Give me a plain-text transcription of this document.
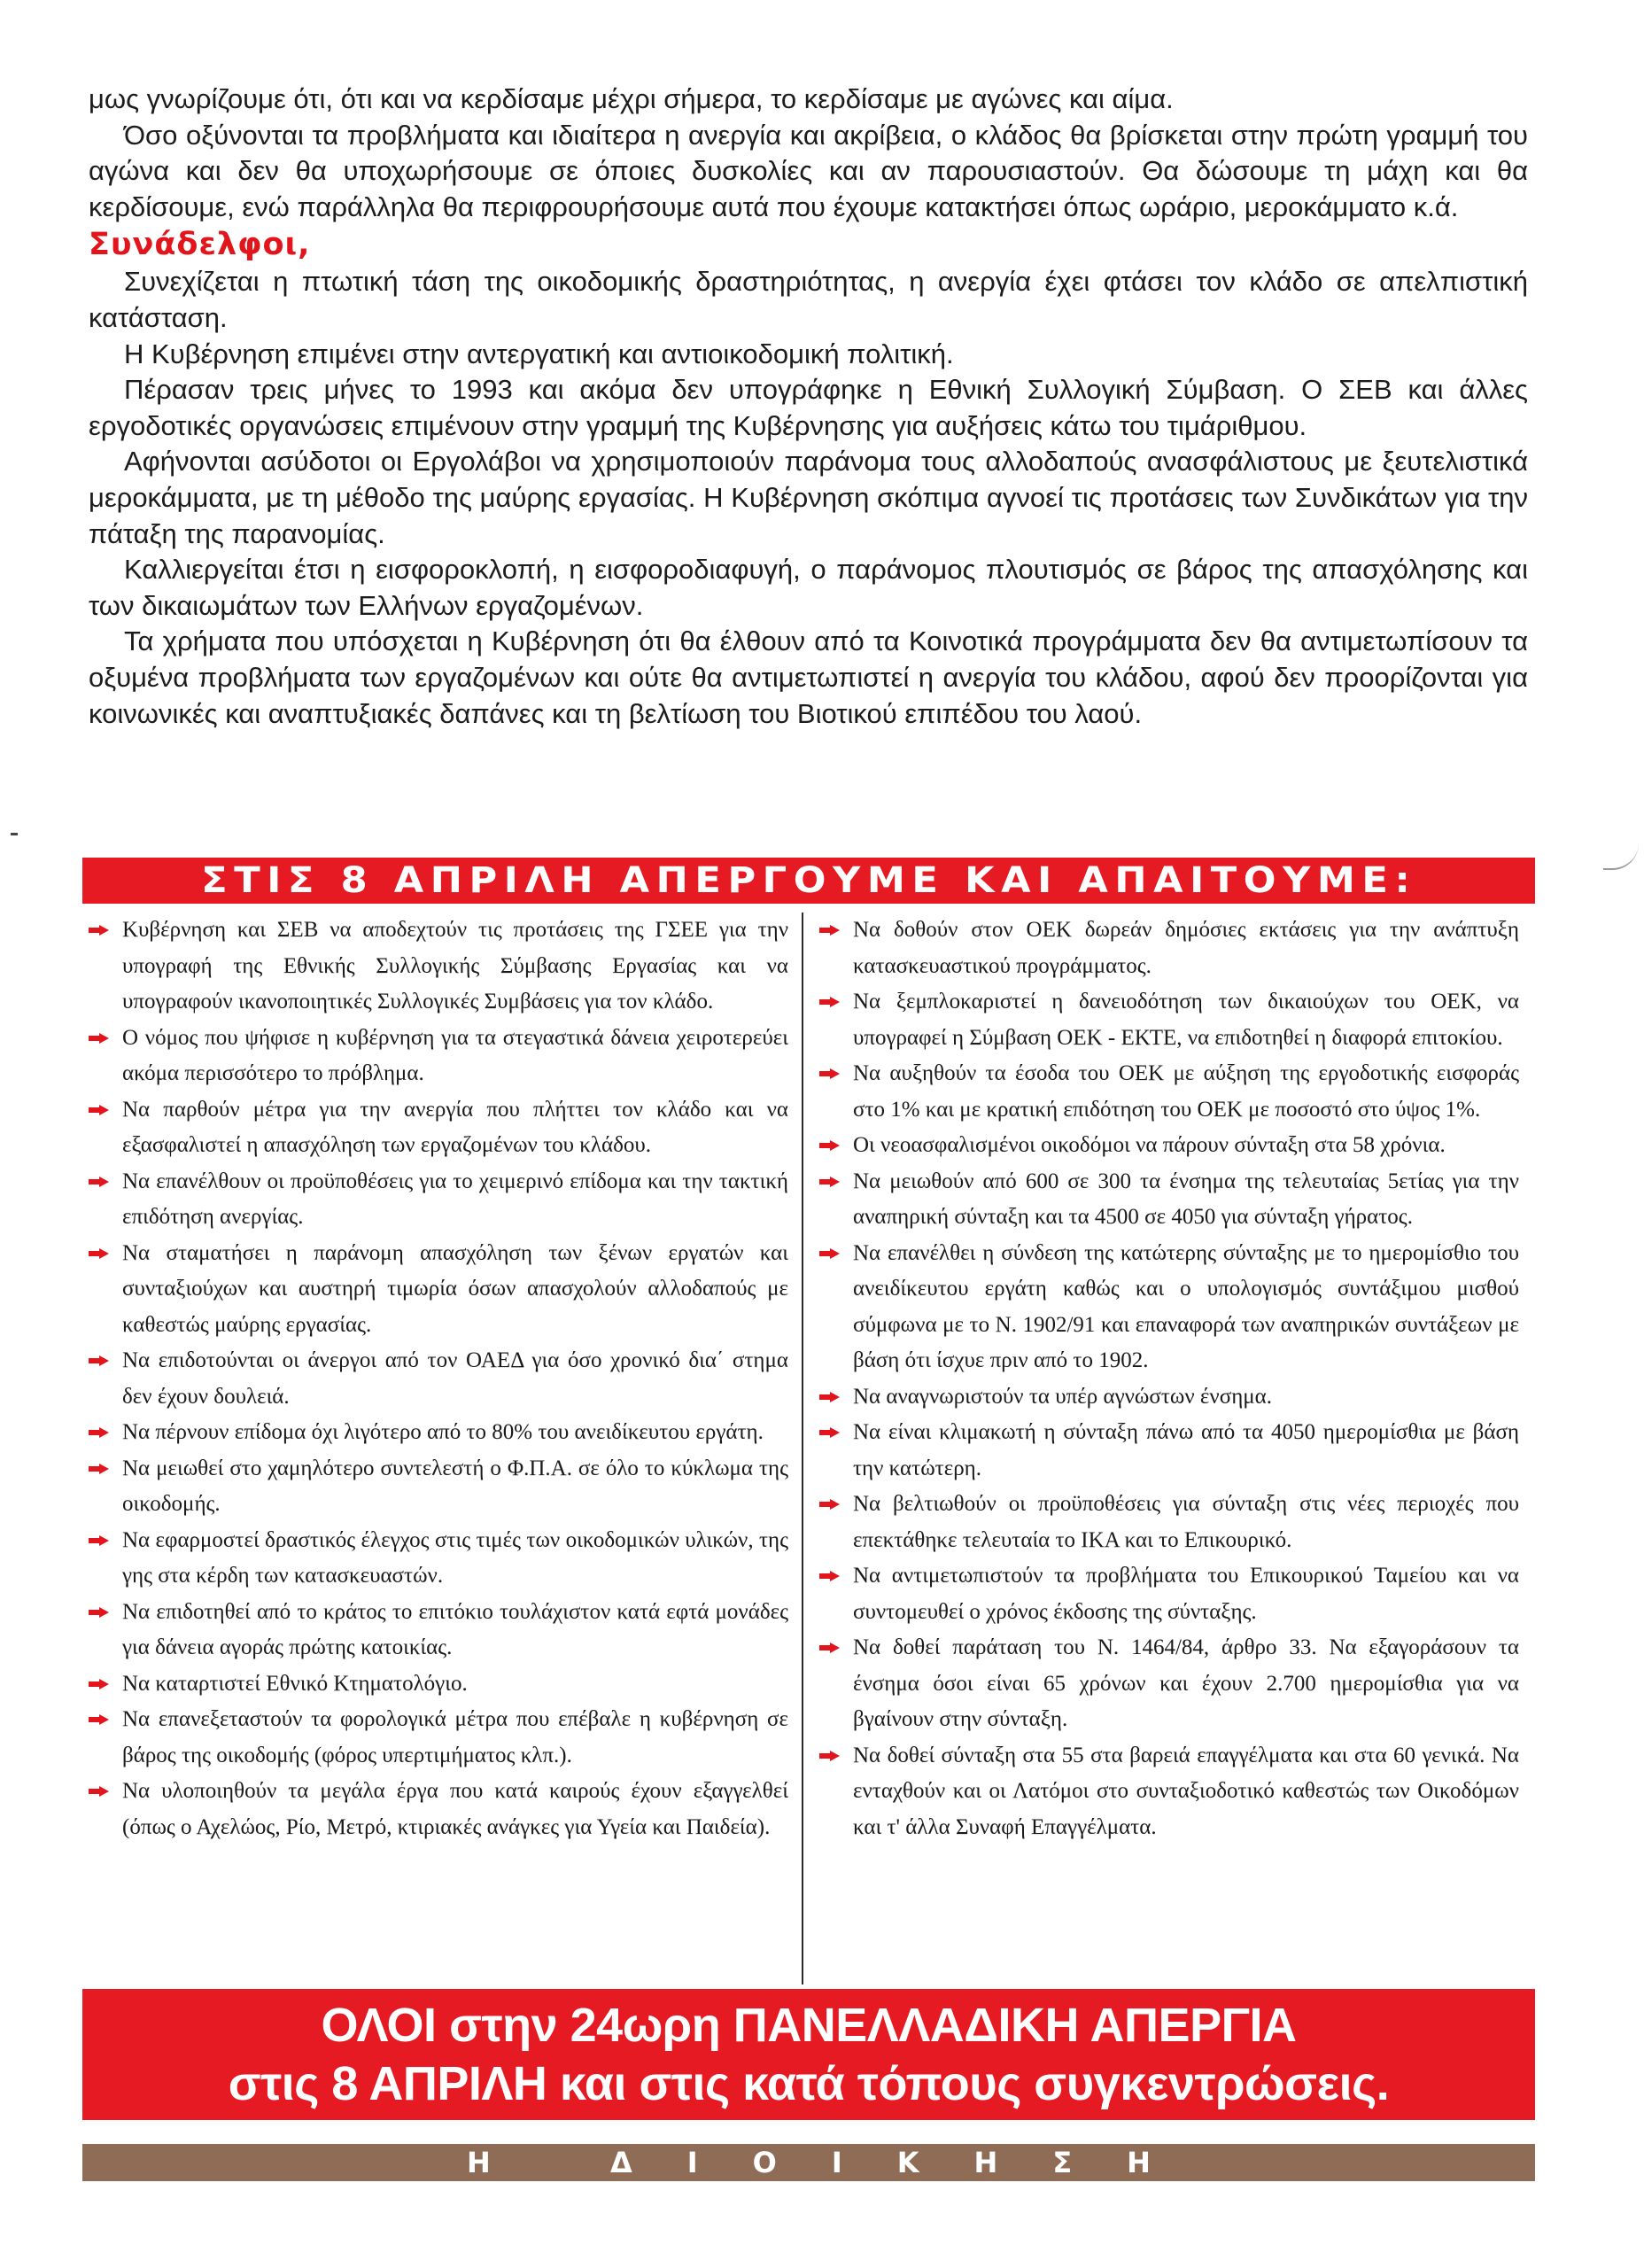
μως γνωρίζουμε ότι, ότι και να κερδίσαμε μέχρι σήμερα, το κερδίσαμε με αγώνες και αίμα.

Όσο οξύνονται τα προβλήματα και ιδιαίτερα η ανεργία και ακρίβεια, ο κλάδος θα βρίσκεται στην πρώτη γραμμή του αγώνα και δεν θα υποχωρήσουμε σε όποιες δυσκολίες και αν παρουσιαστούν. Θα δώσουμε τη μάχη και θα κερδίσουμε, ενώ παράλληλα θα περιφρουρήσουμε αυτά που έχουμε κατακτήσει όπως ωράριο, μεροκάμματο κ.ά.

Συνάδελφοι,

Συνεχίζεται η πτωτική τάση της οικοδομικής δραστηριότητας, η ανεργία έχει φτάσει τον κλάδο σε απελπιστική κατάσταση.

Η Κυβέρνηση επιμένει στην αντεργατική και αντιοικοδομική πολιτική.

Πέρασαν τρεις μήνες το 1993 και ακόμα δεν υπογράφηκε η Εθνική Συλλογική Σύμβαση. Ο ΣΕΒ και άλλες εργοδοτικές οργανώσεις επιμένουν στην γραμμή της Κυβέρνησης για αυξήσεις κάτω του τιμάριθμου.

Αφήνονται ασύδοτοι οι Εργολάβοι να χρησιμοποιούν παράνομα τους αλλοδαπούς ανασφάλιστους με ξευτελιστικά μεροκάμματα, με τη μέθοδο της μαύρης εργασίας. Η Κυβέρνηση σκόπιμα αγνοεί τις προτάσεις των Συνδικάτων για την πάταξη της παρανομίας.

Καλλιεργείται έτσι η εισφοροκλοπή, η εισφοροδιαφυγή, ο παράνομος πλουτισμός σε βάρος της απασχόλησης και των δικαιωμάτων των Ελλήνων εργαζομένων.

Τα χρήματα που υπόσχεται η Κυβέρνηση ότι θα έλθουν από τα Κοινοτικά προγράμματα δεν θα αντιμετωπίσουν τα οξυμένα προβλήματα των εργαζομένων και ούτε θα αντιμετωπιστεί η ανεργία του κλάδου, αφού δεν προορίζονται για κοινωνικές και αναπτυξιακές δαπάνες και τη βελτίωση του Βιοτικού επιπέδου του λαού.

ΣΤΙΣ 8 ΑΠΡΙΛΗ ΑΠΕΡΓΟΥΜΕ ΚΑΙ ΑΠΑΙΤΟΥΜΕ:
Κυβέρνηση και ΣΕΒ να αποδεχτούν τις προτάσεις της ΓΣΕΕ για την υπογραφή της Εθνικής Συλλογικής Σύμβασης Εργασίας και να υπογραφούν ικανοποιητικές Συλλογικές Συμβάσεις για τον κλάδο.
Ο νόμος που ψήφισε η κυβέρνηση για τα στεγαστικά δάνεια χειροτερεύει ακόμα περισσότερο το πρόβλημα.
Να παρθούν μέτρα για την ανεργία που πλήττει τον κλάδο και να εξασφαλιστεί η απασχόληση των εργαζομένων του κλάδου.
Να επανέλθουν οι προϋποθέσεις για το χειμερινό επίδομα και την τακτική επιδότηση ανεργίας.
Να σταματήσει η παράνομη απασχόληση των ξένων εργατών και συνταξιούχων και αυστηρή τιμωρία όσων απασχολούν αλλοδαπούς με καθεστώς μαύρης εργασίας.
Να επιδοτούνται οι άνεργοι από τον ΟΑΕΔ για όσο χρονικό δια΄ στημα δεν έχουν δουλειά.
Να πέρνουν επίδομα όχι λιγότερο από το 80% του ανειδίκευτου εργάτη.
Να μειωθεί στο χαμηλότερο συντελεστή ο Φ.Π.Α. σε όλο το κύκλωμα της οικοδομής.
Να εφαρμοστεί δραστικός έλεγχος στις τιμές των οικοδομικών υλικών, της γης στα κέρδη των κατασκευαστών.
Να επιδοτηθεί από το κράτος το επιτόκιο τουλάχιστον κατά εφτά μονάδες για δάνεια αγοράς πρώτης κατοικίας.
Να καταρτιστεί Εθνικό Κτηματολόγιο.
Να επανεξεταστούν τα φορολογικά μέτρα που επέβαλε η κυβέρνηση σε βάρος της οικοδομής (φόρος υπερτιμήματος κλπ.).
Να υλοποιηθούν τα μεγάλα έργα που κατά καιρούς έχουν εξαγγελθεί (όπως ο Αχελώος, Ρίο, Μετρό, κτιριακές ανάγκες για Υγεία και Παιδεία).
Να δοθούν στον ΟΕΚ δωρεάν δημόσιες εκτάσεις για την ανάπτυξη κατασκευαστικού προγράμματος.
Να ξεμπλοκαριστεί η δανειοδότηση των δικαιούχων του ΟΕΚ, να υπογραφεί η Σύμβαση ΟΕΚ - ΕΚΤΕ, να επιδοτηθεί η διαφορά επιτοκίου.
Να αυξηθούν τα έσοδα του ΟΕΚ με αύξηση της εργοδοτικής εισφοράς στο 1% και με κρατική επιδότηση του ΟΕΚ με ποσοστό στο ύψος 1%.
Οι νεοασφαλισμένοι οικοδόμοι να πάρουν σύνταξη στα 58 χρόνια.
Να μειωθούν από 600 σε 300 τα ένσημα της τελευταίας 5ετίας για την αναπηρική σύνταξη και τα 4500 σε 4050 για σύνταξη γήρατος.
Να επανέλθει η σύνδεση της κατώτερης σύνταξης με το ημερομίσθιο του ανειδίκευτου εργάτη καθώς και ο υπολογισμός συντάξιμου μισθού σύμφωνα με το Ν. 1902/91 και επαναφορά των αναπηρικών συντάξεων με βάση ότι ίσχυε πριν από το 1902.
Να αναγνωριστούν τα υπέρ αγνώστων ένσημα.
Να είναι κλιμακωτή η σύνταξη πάνω από τα 4050 ημερομίσθια με βάση την κατώτερη.
Να βελτιωθούν οι προϋποθέσεις για σύνταξη στις νέες περιοχές που επεκτάθηκε τελευταία το ΙΚΑ και το Επικουρικό.
Να αντιμετωπιστούν τα προβλήματα του Επικουρικού Ταμείου και να συντομευθεί ο χρόνος έκδοσης της σύνταξης.
Να δοθεί παράταση του Ν. 1464/84, άρθρο 33. Να εξαγοράσουν τα ένσημα όσοι είναι 65 χρόνων και έχουν 2.700 ημερομίσθια για να βγαίνουν στην σύνταξη.
Να δοθεί σύνταξη στα 55 στα βαρειά επαγγέλματα και στα 60 γενικά. Να ενταχθούν και οι Λατόμοι στο συνταξιοδοτικό καθεστώς των Οικοδόμων και τ' άλλα Συναφή Επαγγέλματα.
ΟΛΟΙ στην 24ωρη ΠΑΝΕΛΛΑΔΙΚΗ ΑΠΕΡΓΙΑ
στις 8 ΑΠΡΙΛΗ και στις κατά τόπους συγκεντρώσεις.
Η ΔΙΟΙΚΗΣΗ
